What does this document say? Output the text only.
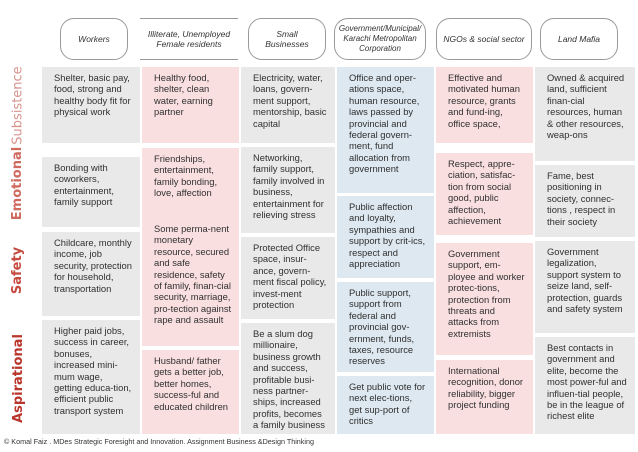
Workers	Illiterate, Unemployed
Female residents
Small Businesses
Government/Municipal/
Karachi Metropolitan
Corporation
NGOs & social sector	Land Mafia
Subsistence
Emotional
Safety
Aspirational
Shelter, basic pay, food, strong and healthy body fit for physical work
Bonding with coworkers, entertainment, family support
Childcare, monthly income, job security, protection for household, transportation
Higher paid jobs, success in career, bonuses, increased mini-mum wage, getting educa-tion, efficient public transport system
Healthy food, shelter, clean water, earning partner
Friendships, entertainment, family bonding, love, affection
Some perma-nent monetary resource, secured and safe residence, safety of family, finan-cial security, marriage, pro-tection against rape and assault
Husband/ father gets a better job, better homes, success-ful and educated children
Electricity, water, loans, govern-ment support, mentorship, basic capital
Networking, family support, family involved in business, entertainment for relieving stress
Protected Office space, insur-ance, govern-ment fiscal policy, invest-ment protection
Be a slum dog millionaire, business growth and success, profitable busi-ness partner-ships, increased profits, becomes a family business
Office and oper-ations space, human resource, laws passed by provincial and federal govern-ment, fund allocation from government
Public affection and loyalty, sympathies and support by crit-ics, respect and appreciation
Public support, support from federal and provincial gov-ernment, funds, taxes, resource reserves
Get public vote for next elec-tions, get sup-port of critics
Effective and motivated human resource, grants and fund-ing, office space,
Respect, appre-ciation, satisfac-tion from social good, public affection, achievement
Government support, em-ployee and worker protec-tions, protection from threats and attacks from extremists
International recognition, donor reliability, bigger project funding
Owned & acquired land, sufficient finan-cial resources, human & other resources, weap-ons
Fame, best positioning in society, connec-tions , respect in their society
Government legalization, support system to seize land, self- protection, guards and safety system
Best contacts in government and elite, become the most power-ful and influen-tial people, be in the league of richest elite
© Komal Faiz . MDes Strategic Foresight and Innovation. Assignment Business &Design Thinking
